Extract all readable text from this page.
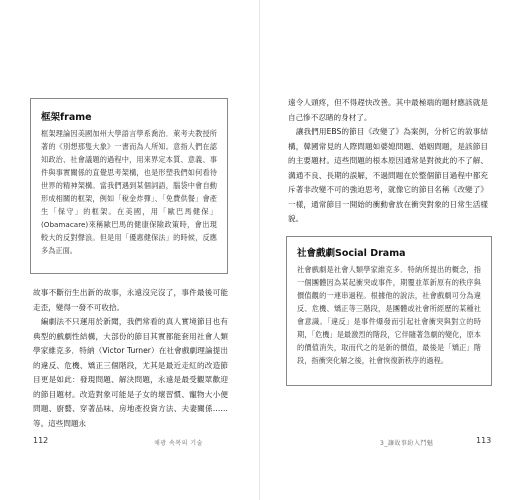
框架frame

框架理論因美國加州大學語言學系喬治．萊考夫教授所著的《別想那隻大象》一書而為人所知。意指人們在認知政治、社會議題的過程中，用來界定本質、意義、事件與事實關係的直覺思考架構，也是形塑我們如何看待世界的精神架構。當我們遇到某個詞語，腦袋中會自動形成相關的框架，例如「稅金炸彈」、「免費供餐」會產生「保守」的框架。在美國，用「歐巴馬健保」(Obamacare)來稱歐巴馬的健康保險政策時，會出現較大的反對聲浪。但是用「優惠健保法」的時候，反應多為正面。

故事不斷衍生出新的故事，永遠沒完沒了，事件最後可能走歪，變得一發不可收拾。
　編劇法不只運用於新聞，我們常看的真人實境節目也有典型的戲劇性結構，大部份的節目其實都能套用社會人類學家維克多．特納（Victor Turner）在社會戲劇理論提出的違反、危機、矯正三個階段，尤其是最近走紅的改造節目更是如此：發現問題、解決問題，永遠是最受觀眾歡迎的節目題材。改造對象可能是子女的壞習慣、寵物大小便問題、廚藝、穿著品味、房地產投資方法、夫妻關係……等。這些問題永

112	채광 속복의 기술

遠令人頭疼，但不得趕快改善。其中最極端的題材應該就是自己慘不忍睹的身材了。
　讓我們用EBS的節目《改變了》為案例，分析它的敘事結構，韓國常見的人際問題如婆媳問題、婚姻問題，是該節目的主要題材。這些問題的根本原因通常是對彼此的不了解、溝通不良、長期的誤解，不過問題在於整個節目過程中都充斥著非改變不可的強迫思考，就像它的節目名稱《改變了》一樣，通常節目一開始的衝動會放在衝突對象的日常生活樣貌。

社會戲劇Social Drama

社會戲劇是社會人類學家維克多．特納所提出的概念，指一個團體因為某起衝突或事件，期覆並革新原有的秩序與價值觀的一連串過程。根據他的說法，社會戲劇可分為違反、危機、矯正等三階段，是團體或社會所經歷的某種社會意識。「違反」是事件爆發而引起社會衝突與對立的時期，「危機」是最激烈的階段，它伴隨著急劇的變化，原本的價值消失，取而代之的是新的價值，最後是「矯正」階段，指衝突化解之後，社會恢復新秩序的過程。

3_讓故事紛入鬥魅	113
